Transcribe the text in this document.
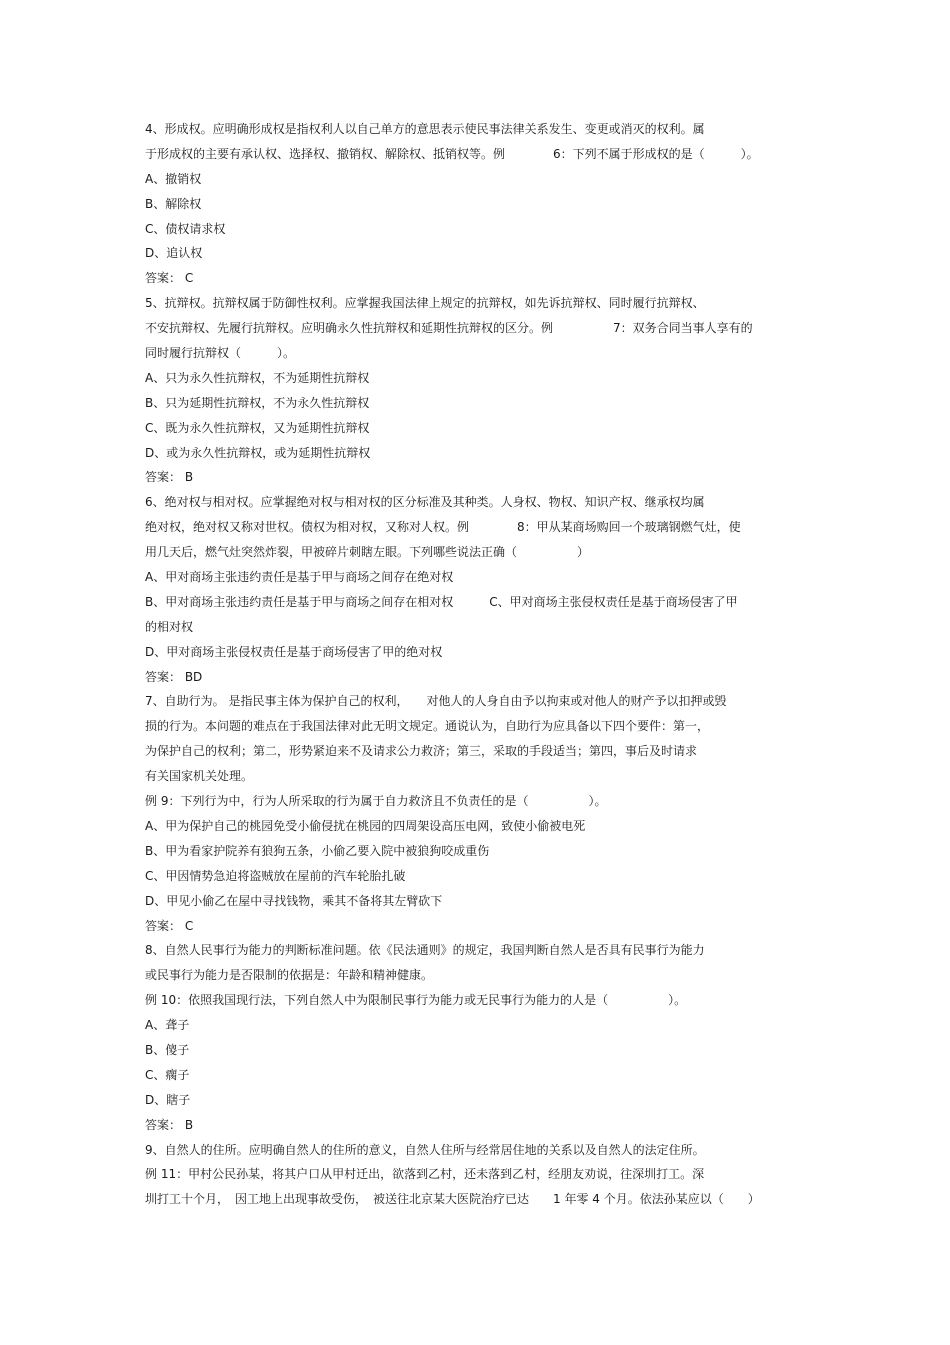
4、形成权。应明确形成权是指权利人以自己单方的意思表示使民事法律关系发生、变更或消灭的权利。属
于形成权的主要有承认权、选择权、撤销权、解除权、抵销权等。例　　　　6：下列不属于形成权的是（　　　）。
A、撤销权
B、解除权
C、债权请求权
D、追认权
答案： C
5、抗辩权。抗辩权属于防御性权利。应掌握我国法律上规定的抗辩权，如先诉抗辩权、同时履行抗辩权、
不安抗辩权、先履行抗辩权。应明确永久性抗辩权和延期性抗辩权的区分。例　　　　　7：双务合同当事人享有的
同时履行抗辩权（　　　）。
A、只为永久性抗辩权，不为延期性抗辩权
B、只为延期性抗辩权，不为永久性抗辩权
C、既为永久性抗辩权，又为延期性抗辩权
D、或为永久性抗辩权，或为延期性抗辩权
答案： B
6、绝对权与相对权。应掌握绝对权与相对权的区分标准及其种类。人身权、物权、知识产权、继承权均属
绝对权，绝对权又称对世权。债权为相对权，又称对人权。例　　　　8：甲从某商场购回一个玻璃钢燃气灶，使
用几天后，燃气灶突然炸裂，甲被碎片刺瞎左眼。下列哪些说法正确（　　　　　）
A、甲对商场主张违约责任是基于甲与商场之间存在绝对权
B、甲对商场主张违约责任是基于甲与商场之间存在相对权　　　C、甲对商场主张侵权责任是基于商场侵害了甲
的相对权
D、甲对商场主张侵权责任是基于商场侵害了甲的绝对权
答案： BD
7、自助行为。 是指民事主体为保护自己的权利，　　对他人的人身自由予以拘束或对他人的财产予以扣押或毁
损的行为。本问题的难点在于我国法律对此无明文规定。通说认为，自助行为应具备以下四个要件：第一，
为保护自己的权利；第二，形势紧迫来不及请求公力救济；第三，采取的手段适当；第四，事后及时请求
有关国家机关处理。
例 9：下列行为中，行为人所采取的行为属于自力救济且不负责任的是（　　　　　）。
A、甲为保护自己的桃园免受小偷侵扰在桃园的四周架设高压电网，致使小偷被电死
B、甲为看家护院养有狼狗五条，小偷乙要入院中被狼狗咬成重伤
C、甲因情势急迫将盗贼放在屋前的汽车轮胎扎破
D、甲见小偷乙在屋中寻找钱物，乘其不备将其左臂砍下
答案： C
8、自然人民事行为能力的判断标准问题。依《民法通则》的规定，我国判断自然人是否具有民事行为能力
或民事行为能力是否限制的依据是：年龄和精神健康。
例 10：依照我国现行法，下列自然人中为限制民事行为能力或无民事行为能力的人是（　　　　　）。
A、聋子
B、傻子
C、瘸子
D、瞎子
答案： B
9、自然人的住所。应明确自然人的住所的意义，自然人住所与经常居住地的关系以及自然人的法定住所。
例 11：甲村公民孙某，将其户口从甲村迁出，欲落到乙村，还未落到乙村，经朋友劝说，往深圳打工。深
圳打工十个月，　因工地上出现事故受伤，　被送往北京某大医院治疗已达　　1 年零 4 个月。依法孙某应以（　　）
